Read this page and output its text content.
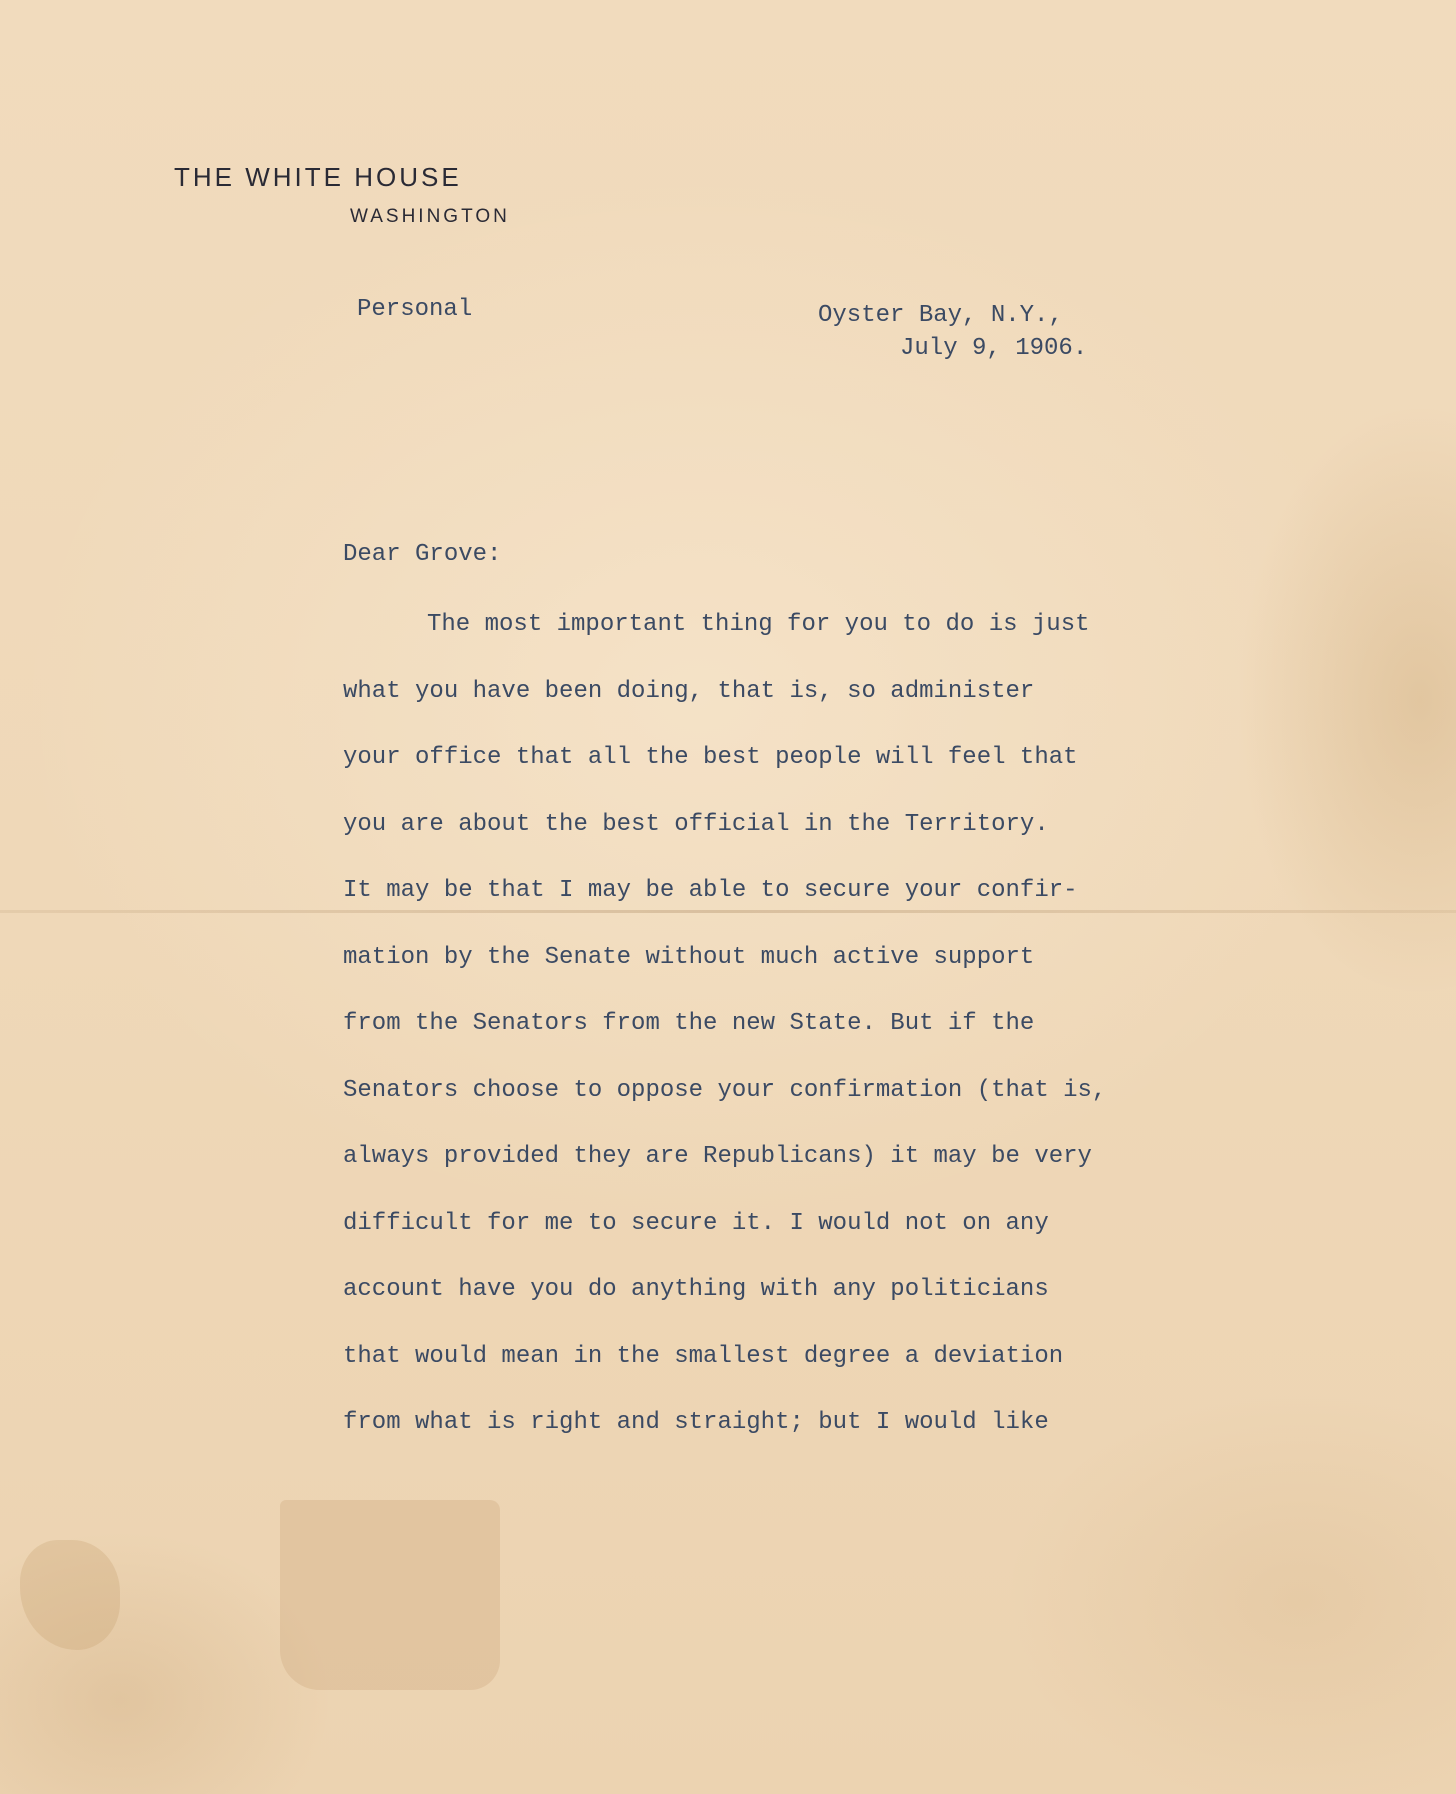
THE WHITE HOUSE
WASHINGTON
Personal	Oyster Bay, N.Y.,
July 9, 1906.
Dear Grove:
The most important thing for you to do is just
what you have been doing, that is, so administer
your office that all the best people will feel that
you are about the best official in the Territory.
It may be that I may be able to secure your confir-
mation by the Senate without much active support
from the Senators from the new State. But if the
Senators choose to oppose your confirmation (that is,
always provided they are Republicans) it may be very
difficult for me to secure it. I would not on any
account have you do anything with any politicians
that would mean in the smallest degree a deviation
from what is right and straight; but I would like
